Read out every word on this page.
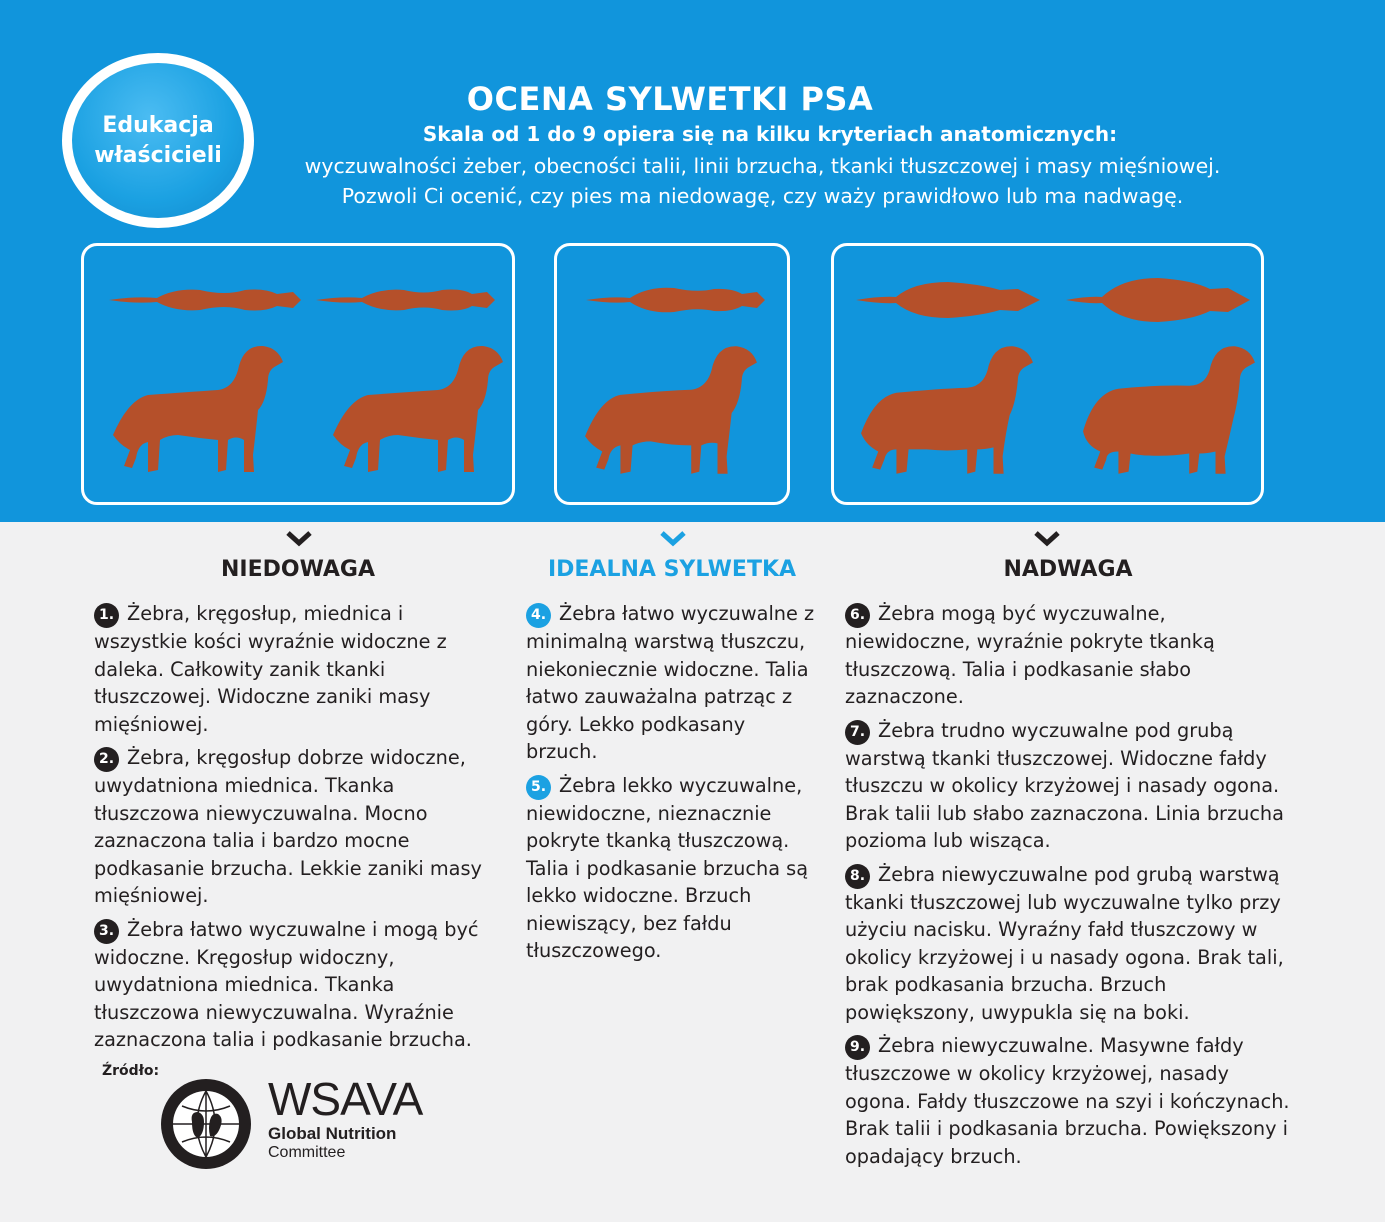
Edukacja właścicieli
OCENA SYLWETKI PSA
Skala od 1 do 9 opiera się na kilku kryteriach anatomicznych:
wyczuwalności żeber, obecności talii, linii brzucha, tkanki tłuszczowej i masy mięśniowej.
Pozwoli Ci ocenić, czy pies ma niedowagę, czy waży prawidłowo lub ma nadwagę.
NIEDOWAGA	IDEALNA SYLWETKA	NADWAGA
1. Żebra, kręgosłup, miednica i wszystkie kości wyraźnie widoczne z daleka. Całkowity zanik tkanki tłuszczowej. Widoczne zaniki masy mięśniowej.
2. Żebra, kręgosłup dobrze widoczne, uwydatniona miednica. Tkanka tłuszczowa niewyczuwalna. Mocno zaznaczona talia i bardzo mocne podkasanie brzucha. Lekkie zaniki masy mięśniowej.
3. Żebra łatwo wyczuwalne i mogą być widoczne. Kręgosłup widoczny, uwydatniona miednica. Tkanka tłuszczowa niewyczuwalna. Wyraźnie zaznaczona talia i podkasanie brzucha.
4. Żebra łatwo wyczuwalne z minimalną warstwą tłuszczu, niekoniecznie widoczne. Talia łatwo zauważalna patrząc z góry. Lekko podkasany brzuch.
5. Żebra lekko wyczuwalne, niewidoczne, nieznacznie pokryte tkanką tłuszczową. Talia i podkasanie brzucha są lekko widoczne. Brzuch niewiszący, bez fałdu tłuszczowego.
6. Żebra mogą być wyczuwalne, niewidoczne, wyraźnie pokryte tkanką tłuszczową. Talia i podkasanie słabo zaznaczone.
7. Żebra trudno wyczuwalne pod grubą warstwą tkanki tłuszczowej. Widoczne fałdy tłuszczu w okolicy krzyżowej i nasady ogona. Brak talii lub słabo zaznaczona. Linia brzucha pozioma lub wisząca.
8. Żebra niewyczuwalne pod grubą warstwą tkanki tłuszczowej lub wyczuwalne tylko przy użyciu nacisku. Wyraźny fałd tłuszczowy w okolicy krzyżowej i u nasady ogona. Brak tali, brak podkasania brzucha. Brzuch powiększony, uwypukla się na boki.
9. Żebra niewyczuwalne. Masywne fałdy tłuszczowe w okolicy krzyżowej, nasady ogona. Fałdy tłuszczowe na szyi i kończynach. Brak talii i podkasania brzucha. Powiększony i opadający brzuch.
Źródło:
WSAVA
Global Nutrition
Committee
